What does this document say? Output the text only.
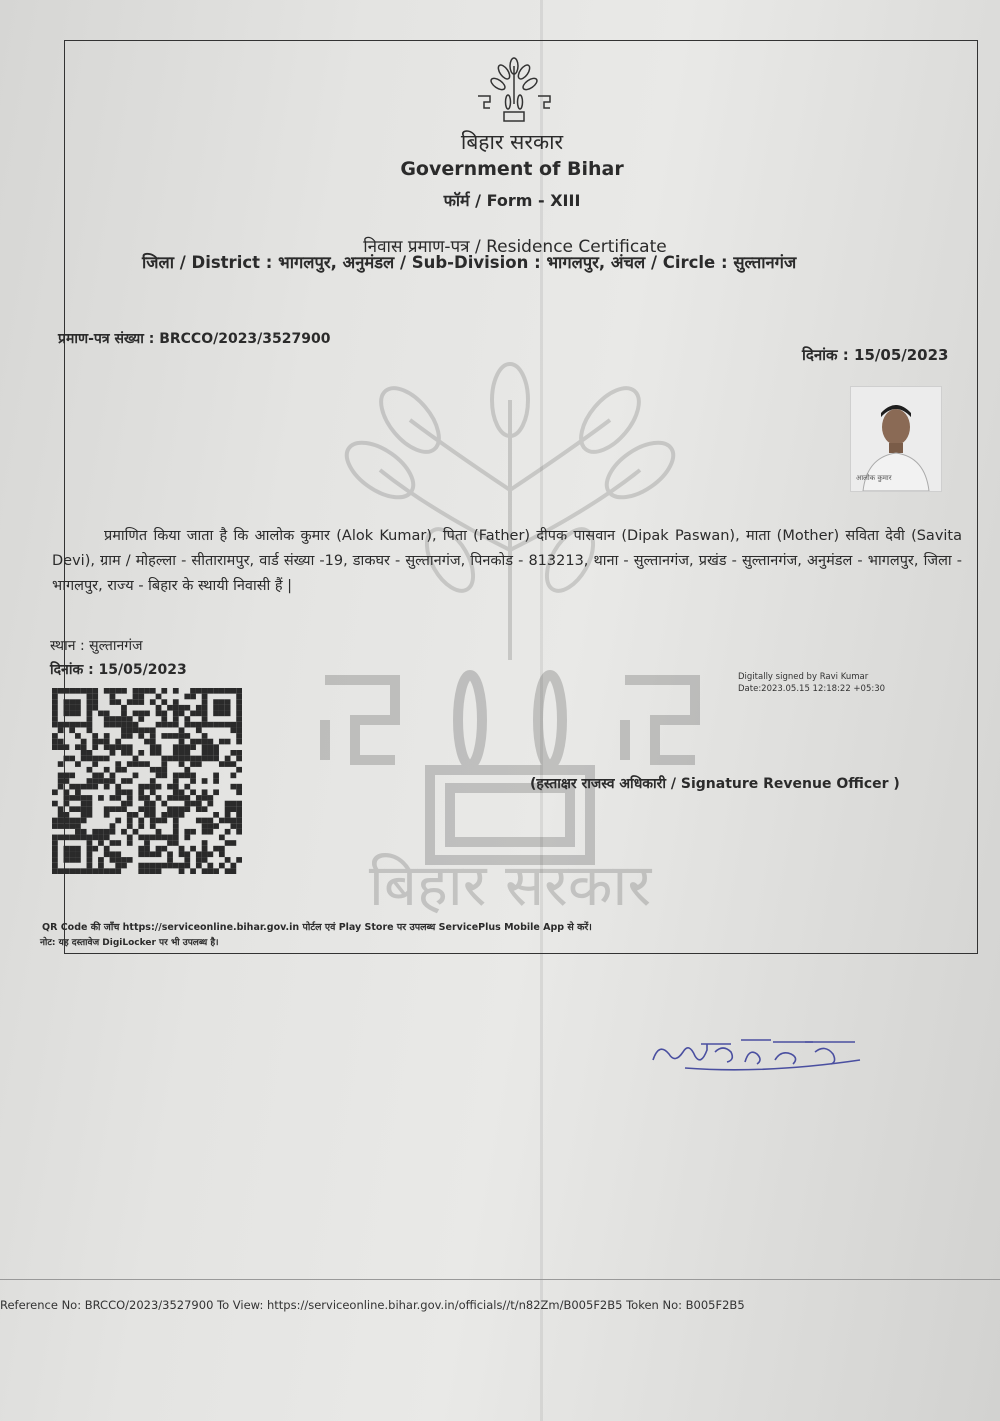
बिहार सरकार
बिहार सरकार
Government of Bihar
फॉर्म / Form - XIII
निवास प्रमाण-पत्र / Residence Certificate
जिला / District : भागलपुर, अनुमंडल / Sub-Division : भागलपुर, अंचल / Circle : सुल्तानगंज
प्रमाण-पत्र संख्या : BRCCO/2023/3527900
दिनांक : 15/05/2023
आलोक कुमार

प्रमाणित किया जाता है कि आलोक कुमार (Alok Kumar), पिता (Father) दीपक पासवान (Dipak Paswan), माता (Mother) सविता देवी (Savita Devi), ग्राम / मोहल्ला - सीतारामपुर, वार्ड संख्या -19, डाकघर - सुल्तानगंज, पिनकोड - 813213, थाना - सुल्तानगंज, प्रखंड - सुल्तानगंज, अनुमंडल - भागलपुर, जिला - भागलपुर, राज्य - बिहार के स्थायी निवासी हैं |

स्थान : सुल्तानगंज
दिनांक : 15/05/2023	Digitally signed by Ravi Kumar
Date:2023.05.15 12:18:22 +05:30
(हस्ताक्षर राजस्व अधिकारी / Signature Revenue Officer )
QR Code की जाँच https://serviceonline.bihar.gov.in पोर्टल एवं Play Store पर उपलब्ध ServicePlus Mobile App से करें।
नोट: यह दस्तावेज DigiLocker पर भी उपलब्ध है।
Reference No: BRCCO/2023/3527900 To View: https://serviceonline.bihar.gov.in/officials//t/n82Zm/B005F2B5 Token No: B005F2B5
